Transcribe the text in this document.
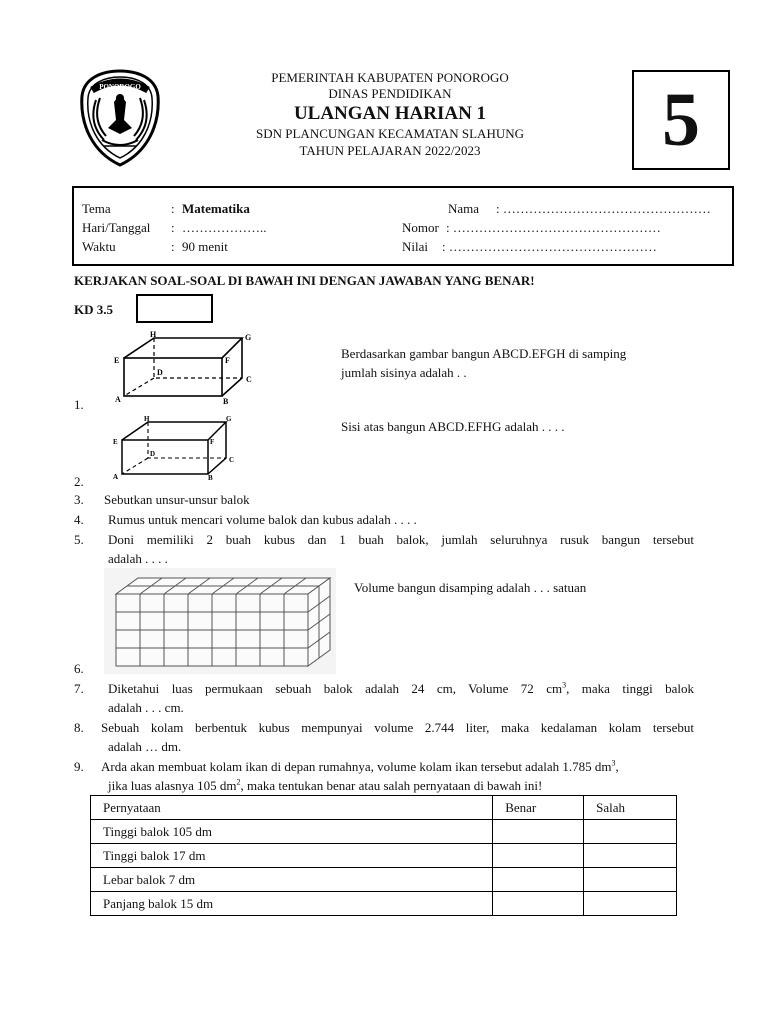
PONOROGO
PEMERINTAH KABUPATEN PONOROGO
DINAS PENDIDIKAN
ULANGAN HARIAN 1
SDN PLANCUNGAN KECAMATAN SLAHUNG
TAHUN PELAJARAN 2022/2023	5
Tema	: Matematika
Hari/Tanggal : ………………..
Waktu	: 90 menit
Nama : …………………………………………
Nomor : …………………………………………
Nilai : …………………………………………
KERJAKAN SOAL-SOAL DI BAWAH INI DENGAN JAWABAN YANG BENAR!
KD 3.5
A	B
C
D
E	F
G
H
1.
Berdasarkan gambar bangun ABCD.EFGH di samping
jumlah sisinya adalah . .
A	B
C
D
E	F
G
H	Sisi atas bangun ABCD.EFHG adalah . . . .
2.
3. Sebutkan unsur-unsur balok
4. Rumus untuk mencari volume balok dan kubus adalah . . . .
5. Doni memiliki 2 buah kubus dan 1 buah balok, jumlah seluruhnya rusuk bangun tersebut
adalah . . . .
Volume bangun disamping adalah . . . satuan
6.
7. Diketahui luas permukaan sebuah balok adalah 24 cm, Volume 72 $cm^3$, maka tinggi balok
adalah . . . cm.
8. Sebuah kolam berbentuk kubus mempunyai volume 2.744 liter, maka kedalaman kolam tersebut
adalah … dm.
9. Arda akan membuat kolam ikan di depan rumahnya, volume kolam ikan tersebut adalah 1.785 $dm^3$,
jika luas alasnya 105 $dm^2$, maka tentukan benar atau salah pernyataan di bawah ini!
Pernyataan	Benar	Salah
Tinggi balok 105 dm		
Tinggi balok 17 dm		
Lebar balok 7 dm		
Panjang balok 15 dm		
